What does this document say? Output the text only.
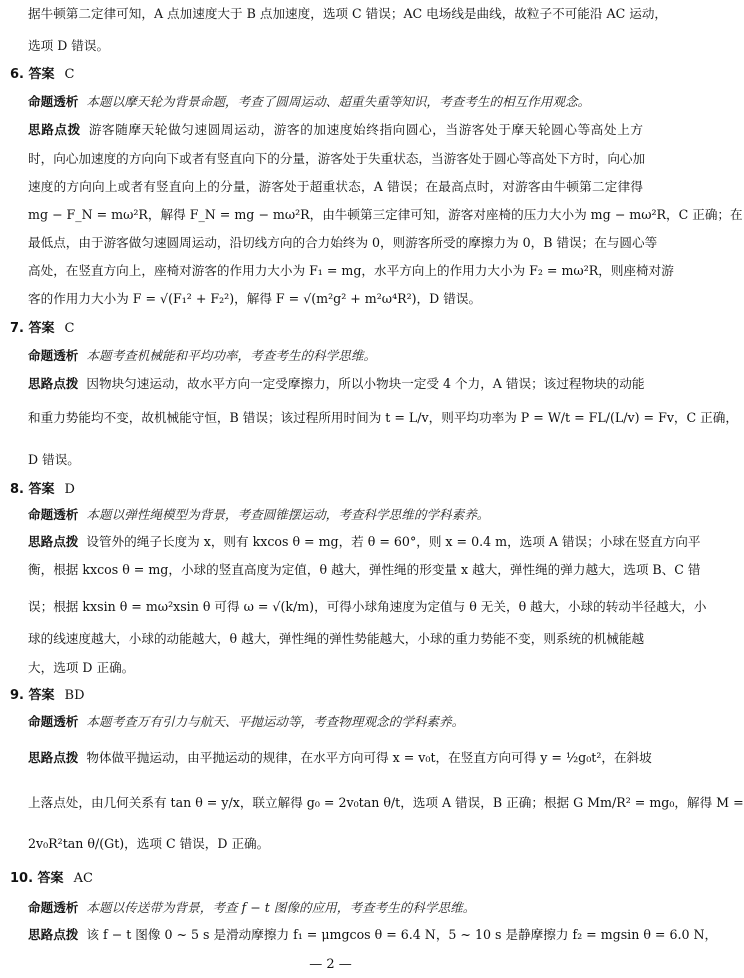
据牛顿第二定律可知，A 点加速度大于 B 点加速度，选项 C 错误；AC 电场线是曲线，故粒子不可能沿 AC 运动，
选项 D 错误。
6. 答案 C
命题透析 本题以摩天轮为背景命题，考查了圆周运动、超重失重等知识，考查考生的相互作用观念。
思路点拨 游客随摩天轮做匀速圆周运动，游客的加速度始终指向圆心，当游客处于摩天轮圆心等高处上方
时，向心加速度的方向向下或者有竖直向下的分量，游客处于失重状态，当游客处于圆心等高处下方时，向心加
速度的方向向上或者有竖直向上的分量，游客处于超重状态，A 错误；在最高点时，对游客由牛顿第二定律得
mg − F_N = mω²R，解得 F_N = mg − mω²R，由牛顿第三定律可知，游客对座椅的压力大小为 mg − mω²R，C 正确；在
最低点，由于游客做匀速圆周运动，沿切线方向的合力始终为 0，则游客所受的摩擦力为 0，B 错误；在与圆心等
高处，在竖直方向上，座椅对游客的作用力大小为 F₁ = mg，水平方向上的作用力大小为 F₂ = mω²R，则座椅对游
客的作用力大小为 F = √(F₁² + F₂²)，解得 F = √(m²g² + m²ω⁴R²)，D 错误。
7. 答案 C
命题透析 本题考查机械能和平均功率，考查考生的科学思维。
思路点拨 因物块匀速运动，故水平方向一定受摩擦力，所以小物块一定受 4 个力，A 错误；该过程物块的动能
和重力势能均不变，故机械能守恒，B 错误；该过程所用时间为 t = L/v，则平均功率为 P = W/t = FL/(L/v) = Fv，C 正确，
D 错误。
8. 答案 D
命题透析 本题以弹性绳模型为背景，考查圆锥摆运动，考查科学思维的学科素养。
思路点拨 设管外的绳子长度为 x，则有 kxcos θ = mg，若 θ = 60°，则 x = 0.4 m，选项 A 错误；小球在竖直方向平
衡，根据 kxcos θ = mg，小球的竖直高度为定值，θ 越大，弹性绳的形变量 x 越大，弹性绳的弹力越大，选项 B、C 错
误；根据 kxsin θ = mω²xsin θ 可得 ω = √(k/m)，可得小球角速度为定值与 θ 无关，θ 越大，小球的转动半径越大，小
球的线速度越大，小球的动能越大，θ 越大，弹性绳的弹性势能越大，小球的重力势能不变，则系统的机械能越
大，选项 D 正确。
9. 答案 BD
命题透析 本题考查万有引力与航天、平抛运动等，考查物理观念的学科素养。
思路点拨 物体做平抛运动，由平抛运动的规律，在水平方向可得 x = v₀t，在竖直方向可得 y = ½g₀t²，在斜坡
上落点处，由几何关系有 tan θ = y/x，联立解得 g₀ = 2v₀tan θ/t，选项 A 错误，B 正确；根据 G Mm/R² = mg₀，解得 M =
2v₀R²tan θ/(Gt)，选项 C 错误，D 正确。
10. 答案 AC
命题透析 本题以传送带为背景，考查 f − t 图像的应用，考查考生的科学思维。
思路点拨 该 f − t 图像 0 ~ 5 s 是滑动摩擦力 f₁ = μmgcos θ = 6.4 N，5 ~ 10 s 是静摩擦力 f₂ = mgsin θ = 6.0 N，
— 2 —
